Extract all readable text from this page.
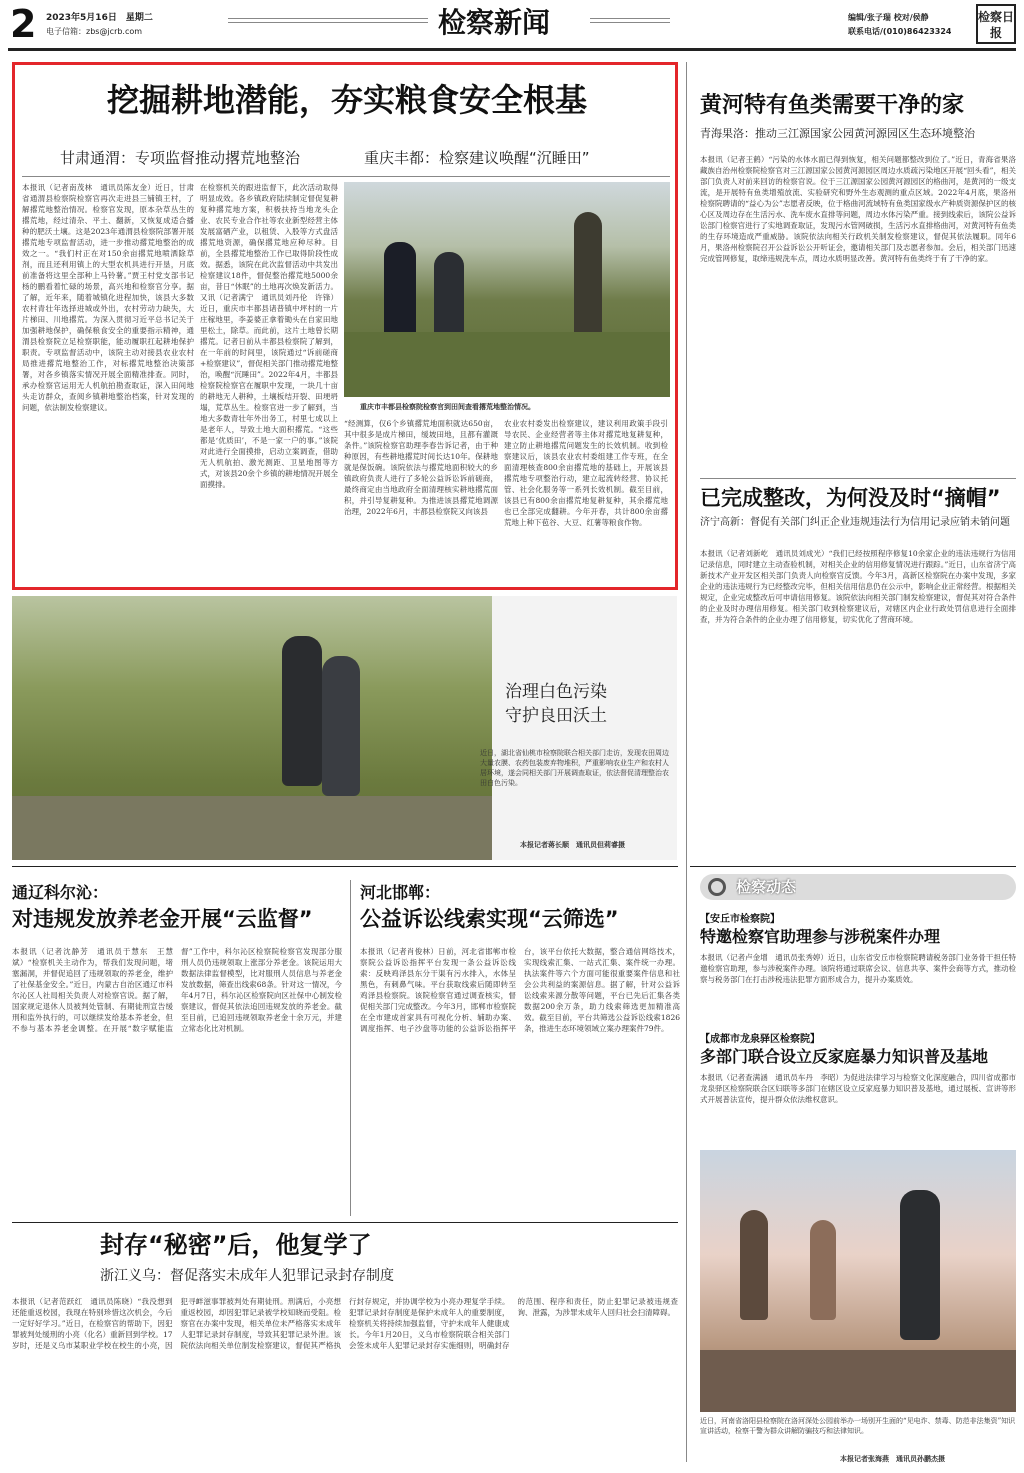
2 2023年5月16日　星期二
电子信箱：zbs@jcrb.com	检察新闻	编辑/张子瑞 校对/侯静
联系电话/(010)86423324
检察日报
挖掘耕地潜能，夯实粮食安全根基
甘肃通渭：专项监督推动撂荒地整治	重庆丰都：检察建议唤醒“沉睡田”
本报讯（记者南茂林　通讯员陈友金）近日，甘肃省通渭县检察院检察官再次走进县三铺镇王村，了解撂荒地整治情况。检察官发现，原本杂草丛生的撂荒地，经过清杂、平土、翻新，又恢复成适合播种的肥沃土壤。这是2023年通渭县检察院部署开展撂荒地专项监督活动，进一步推动撂荒地整治的成效之一。“我们村正在对150余亩撂荒地喷洒除草剂，而且还利用镇上的大型农机具进行开垦，月底前准备将这里全部种上马铃薯。”贾王村党支部书记杨的鹏看着忙碌的场景，高兴地和检察官分享。据了解，近年来，随着城镇化进程加快，该县大多数农村青壮年选择进城或外出，农村劳动力缺失，大片梯田、川地撂荒。为深入贯彻习近平总书记关于加强耕地保护，确保粮食安全的重要指示精神，通渭县检察院立足检察职能，能动履职扛起耕地保护职责。专项监督活动中，该院主动对接县农业农村局推进撂荒地整治工作，对标撂荒地整治决策部署，对各乡镇落实情况开展全面精准排查。同时，承办检察官运用无人机航拍勘查取证，深入田间地头走访群众，查阅乡镇耕地整治档案，针对发现的问题，依法制发检察建议。
在检察机关的跟进监督下，此次活动取得明显成效。各乡镇政府陆续制定督促复耕复种撂荒地方案，积极扶持当地龙头企业、农民专业合作社等农业新型经营主体发展富硒产业，以租赁、入股等方式盘活撂荒地资源，确保撂荒地应种尽种。目前，全县撂荒地整治工作已取得阶段性成效。据悉，该院在此次监督活动中共发出检察建议18件，督促整治撂荒地5000余亩，昔日“休眠”的土地再次焕发新活力。又讯（记者满宁　通讯员刘丹伦　许锋）近日，重庆市丰都县诸普镇中坪村的一片庄稼地里，李姜婆正拿着锄头在自家田地里松土，除草。而此前，这片土地曾长期撂荒。记者日前从丰都县检察院了解到，在一年前的时间里，该院通过“诉前磋商+检察建议”，督促相关部门推动撂荒地整治，唤醒“沉睡田”。2022年4月，丰都县检察院检察官在履职中发现，一块几十亩的耕地无人耕种，土壤板结开裂、田埂坍塌，荒草丛生。检察官进一步了解到，当地大多数青壮年外出务工，村里七成以上是老年人，导致土地大面积撂荒。“这些都是‘优质田’，不是一家一户的事。”该院对此进行全面摸排，启动立案调查，借助无人机航拍、激光测距、卫星地图等方式，对该县20余个乡镇的耕地情况开展全面摸排。
重庆市丰都县检察院检察官到田间查看撂荒地整治情况。
“经测算，仅6个乡镇撂荒地面积就达650亩，其中很多是成片梯田，缓坡田地，且都有灌溉条件。”该院检察官助理李春告诉记者，由于种种原因，有些耕地撂荒时间长达10年。保耕地就是保饭碗。该院依法与撂荒地面积较大的乡镇政府负责人进行了多轮公益诉讼诉前磋商，最终商定由当地政府全面清理核实耕地撂荒面积，并引导复耕复种。为推进该县撂荒地调源治理，2022年6月，丰都县检察院又向该县
农业农村委发出检察建议，建议利用政策手段引导农民、企业经营者等主体对撂荒地复耕复种，建立防止耕地撂荒问题发生的长效机制。收到检察建议后，该县农业农村委组建工作专班，在全面清理核查800余亩撂荒地的基础上，开展该县撂荒地专项整治行动，建立起流转经营、协议托管、社会化服务等一系列长效机制。截至目前，该县已有800余亩撂荒地复耕复种，其余撂荒地也已全部完成翻耕。今年开春，共计800余亩撂荒地上种下苞谷、大豆、红薯等粮食作物。
治理白色污染
守护良田沃土
近日，湖北省仙桃市检察院联合相关部门走访，发现农田周边大量农膜、农药包装废弃物堆积，严重影响农业生产和农村人居环境，遂会同相关部门开展调查取证，依法督促清理整治农田白色污染。
本报记者蒋长顺　通讯员但莉睿摄
黄河特有鱼类需要干净的家
青海果洛：推动三江源国家公园黄河源园区生态环境整治
本报讯（记者王鹤）“污染的水体水面已得到恢复，相关问题都整改到位了。”近日，青海省果洛藏族自治州检察院检察官对三江源国家公园黄河源园区周边水质疏污染地区开展“回头看”，相关部门负责人对前来回访的检察官说。位于三江源国家公园黄河源园区的格曲河，是黄河的一级支流，是开展特有鱼类增殖放流、实验研究和野外生态观测的重点区域。2022年4月底，果洛州检察院聘请的“益心为公”志愿者反映，位于格曲河流域特有鱼类国家级水产种质资源保护区的核心区及周边存在生活污水、洗车废水直排等问题，周边水体污染严重。接到线索后，该院公益诉讼部门检察官进行了实地调查取证，发现污水管网破损，生活污水直排格曲河，对黄河特有鱼类的生存环境造成严重威胁。该院依法向相关行政机关制发检察建议，督促其依法履职。同年6月，果洛州检察院召开公益诉讼公开听证会，邀请相关部门及志愿者参加。会后，相关部门迅速完成管网修复，取缔违规洗车点，周边水质明显改善。黄河特有鱼类终于有了干净的家。
已完成整改，为何没及时“摘帽”
济宁高新：督促有关部门纠正企业违规违法行为信用记录应销未销问题
本报讯（记者刘新屹　通讯员刘成光）“我们已经按照程序修复10余家企业的违法违规行为信用记录信息，同时建立主动查验机制，对相关企业的信用修复情况进行跟踪。”近日，山东省济宁高新技术产业开发区相关部门负责人向检察官反馈。今年3月，高新区检察院在办案中发现，多家企业的违法违规行为已经整改完毕，但相关信用信息仍在公示中，影响企业正常经营。根据相关规定，企业完成整改后可申请信用修复。该院依法向相关部门制发检察建议，督促其对符合条件的企业及时办理信用修复。相关部门收到检察建议后，对辖区内企业行政处罚信息进行全面排查，并为符合条件的企业办理了信用修复，切实优化了营商环境。
检察动态
【安丘市检察院】
特邀检察官助理参与涉税案件办理
本报讯（记者卢金增　通讯员张秀婷）近日，山东省安丘市检察院聘请税务部门业务骨干担任特邀检察官助理，参与涉税案件办理。该院将通过联席会议、信息共享、案件会商等方式，推动检察与税务部门在打击涉税违法犯罪方面形成合力，提升办案质效。
【成都市龙泉驿区检察院】
多部门联合设立反家庭暴力知识普及基地
本报讯（记者查满涵　通讯员车丹　李昭）为促进法律学习与检察文化深度融合，四川省成都市龙泉驿区检察院联合区妇联等多部门在辖区设立反家庭暴力知识普及基地，通过展板、宣讲等形式开展普法宣传，提升群众依法维权意识。
近日，河南省洛阳县检察院在洛河深处公园前举办一场别开生面的“见电诈、禁毒、防范非法集资”知识宣讲活动，检察干警为群众讲解防骗技巧和法律知识。
本报记者张海燕　通讯员孙鹏杰摄
通辽科尔沁：
对违规发放养老金开展“云监督”
本报讯（记者沈静芳　通讯员于慧东　王慧斌）“检察机关主动作为，帮我们发现问题，堵塞漏洞，并督促追回了违规领取的养老金，维护了社保基金安全。”近日，内蒙古自治区通辽市科尔沁区人社局相关负责人对检察官说。据了解，国家规定退休人员被判处管制、有期徒刑宣告缓刑和监外执行的，可以继续发给基本养老金，但不参与基本养老金调整。在开展“数字赋能监督”工作中，科尔沁区检察院检察官发现部分服刑人员仍违规领取上涨部分养老金。该院运用大数据法律监督模型，比对服刑人员信息与养老金发放数据，筛查出线索68条。针对这一情况，今年4月7日，科尔沁区检察院向区社保中心制发检察建议，督促其依法追回违规发放的养老金。截至目前，已追回违规领取养老金十余万元，并建立常态化比对机制。
河北邯郸：
公益诉讼线索实现“云筛选”
本报讯（记者肖俊林）日前，河北省邯郸市检察院公益诉讼指挥平台发现一条公益诉讼线索：反映鸡泽县东分干渠有污水排入，水体呈黑色，有刺鼻气味。平台获取线索后随即转至鸡泽县检察院。该院检察官通过调查核实，督促相关部门完成整改。今年3月，邯郸市检察院在全市建成首家具有可视化分析、辅助办案、调度指挥、电子沙盘等功能的公益诉讼指挥平台，该平台依托大数据，整合通信网络技术，实现线索汇集、一站式汇集、案件统一办理。执法案件等六个方面可能很重要案件信息和社会公共利益的案源信息。据了解，针对公益诉讼线索来源分散等问题，平台已先后汇集各类数据200余万条，助力线索筛选更加精准高效。截至目前，平台共筛选公益诉讼线索1826条，推进生态环境领域立案办理案件79件。
封存“秘密”后，他复学了
浙江义乌：督促落实未成年人犯罪记录封存制度
本报讯（记者范跃红　通讯员陈晓）“我没想到还能重返校园，我现在特别珍惜这次机会，今后一定好好学习。”近日，在检察官的帮助下，因犯罪被判处缓刑的小亮（化名）重新回到学校。17岁时，还是义乌市某职业学校在校生的小亮，因犯寻衅滋事罪被判处有期徒刑。刑满后，小亮想重返校园，却因犯罪记录被学校知晓而受阻。检察官在办案中发现，相关单位未严格落实未成年人犯罪记录封存制度，导致其犯罪记录外泄。该院依法向相关单位制发检察建议，督促其严格执行封存规定，并协调学校为小亮办理复学手续。犯罪记录封存制度是保护未成年人的重要制度，检察机关将持续加强监督，守护未成年人健康成长。今年1月20日，义乌市检察院联合相关部门会签未成年人犯罪记录封存实施细则，明确封存的范围、程序和责任，防止犯罪记录被违规查询、泄露，为涉罪未成年人回归社会扫清障碍。
